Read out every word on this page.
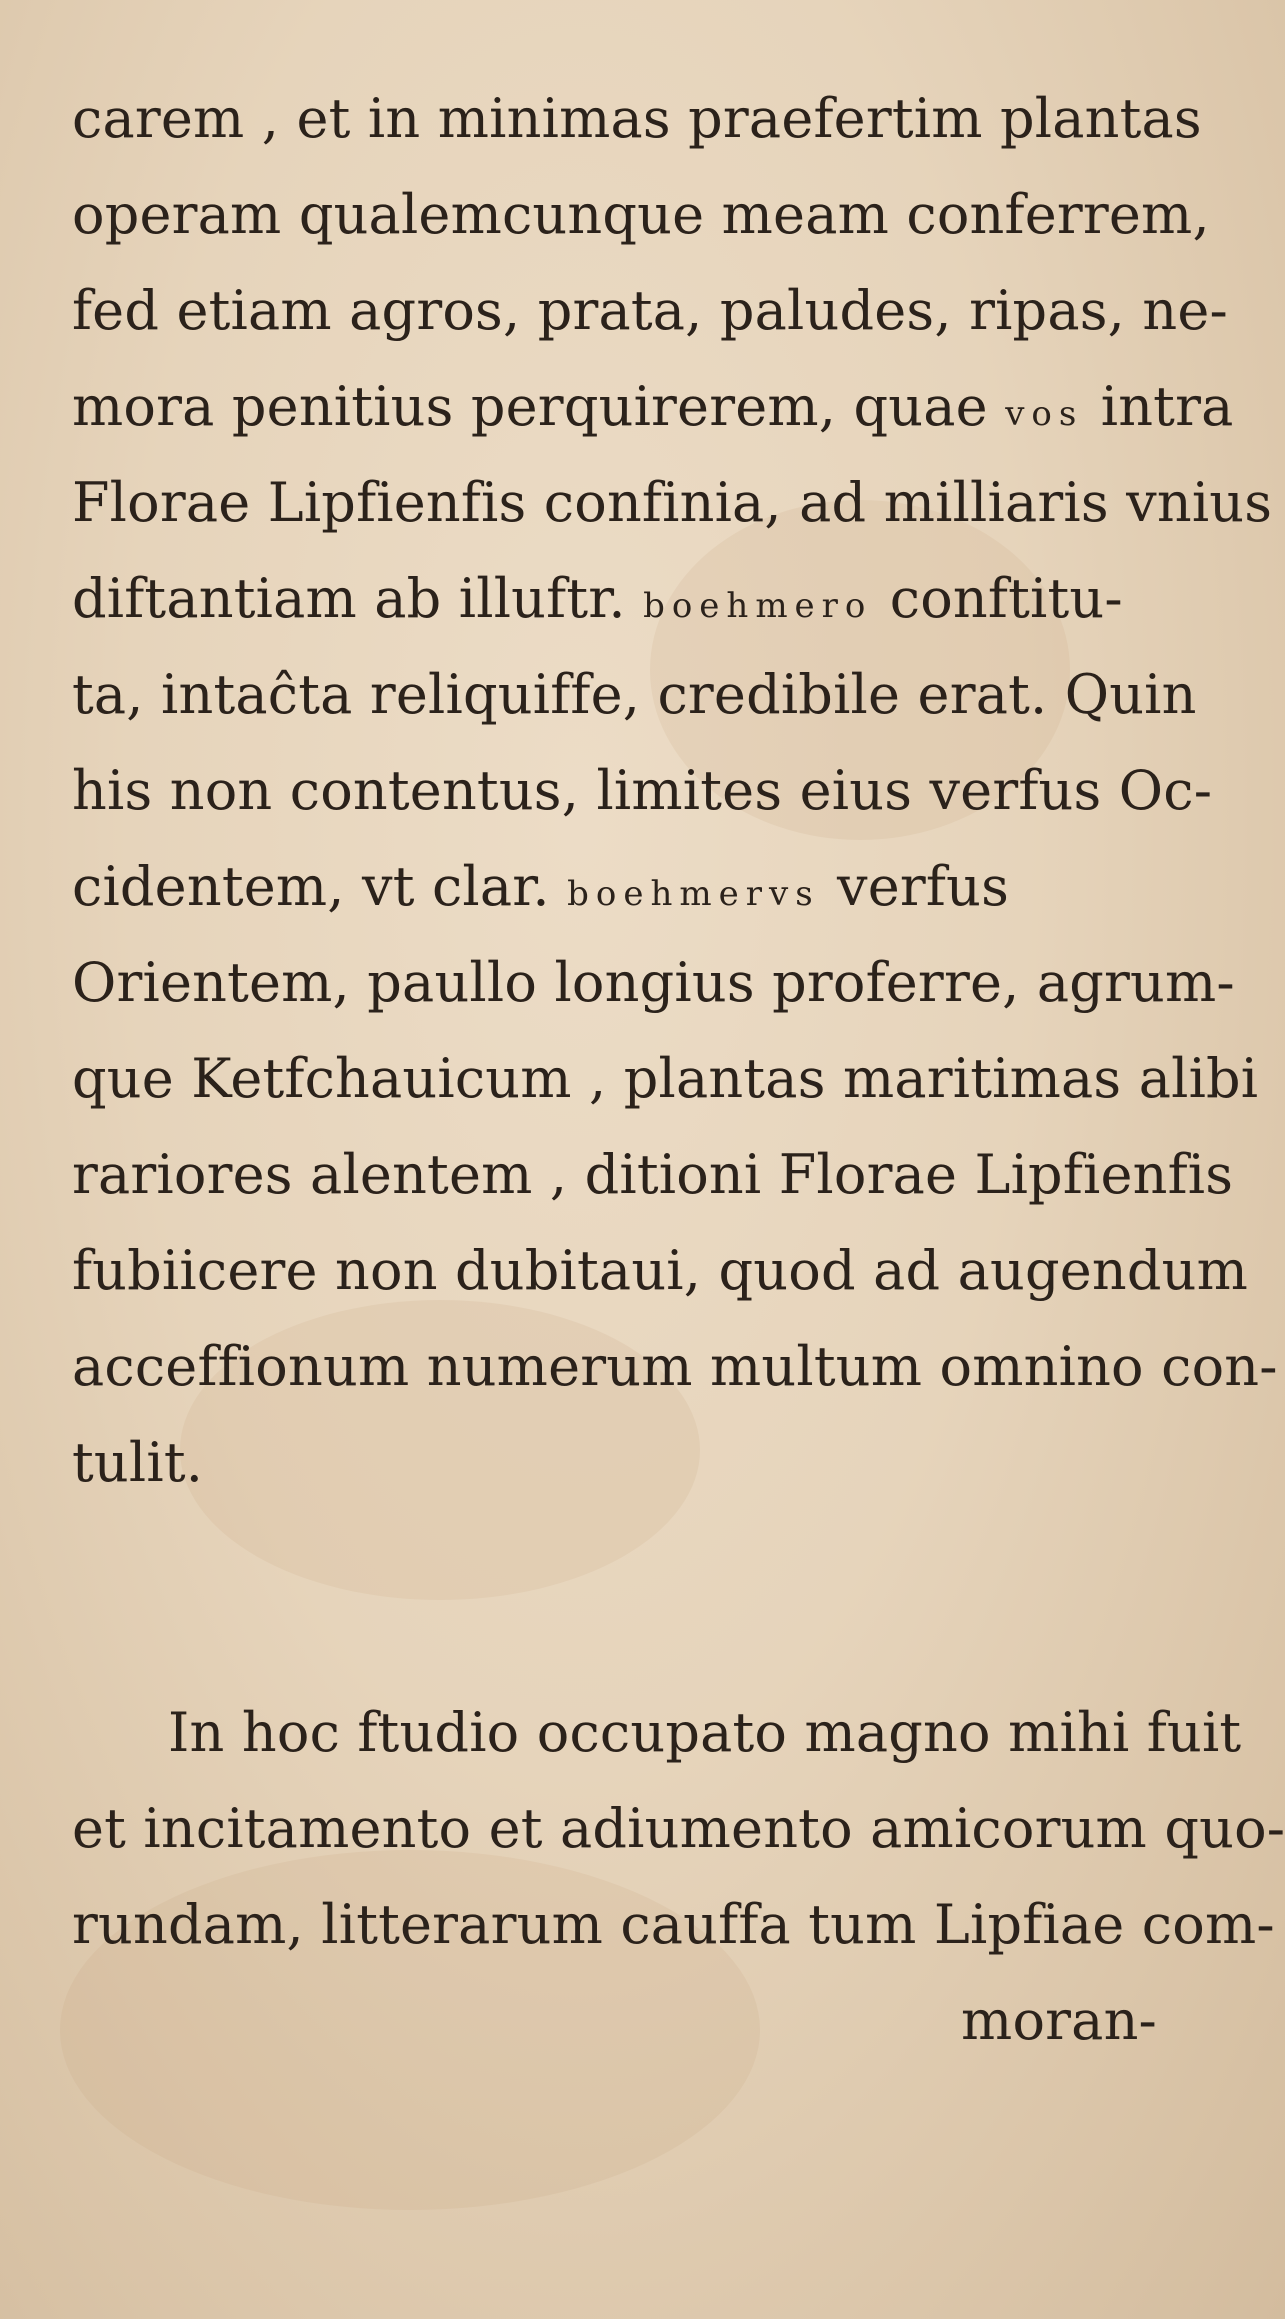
carem , et in minimas praefertim plantas
operam qualemcunque meam conferrem,
fed etiam agros, prata, paludes, ripas, ne-
mora penitius perquirerem, quae vos intra
Florae Lipfienfis confinia, ad milliaris vnius
diftantiam ab illuftr. boehmero conftitu-
ta, intaĉta reliquiffe, credibile erat. Quin
his non contentus, limites eius verfus Oc-
cidentem, vt clar. boehmervs verfus
Orientem, paullo longius proferre, agrum-
que Ketfchauicum , plantas maritimas alibi
rariores alentem , ditioni Florae Lipfienfis
fubiicere non dubitaui, quod ad augendum
acceffionum numerum multum omnino con-
tulit.
In hoc ftudio occupato magno mihi fuit
et incitamento et adiumento amicorum quo-
rundam, litterarum cauffa tum Lipfiae com-
moran-
